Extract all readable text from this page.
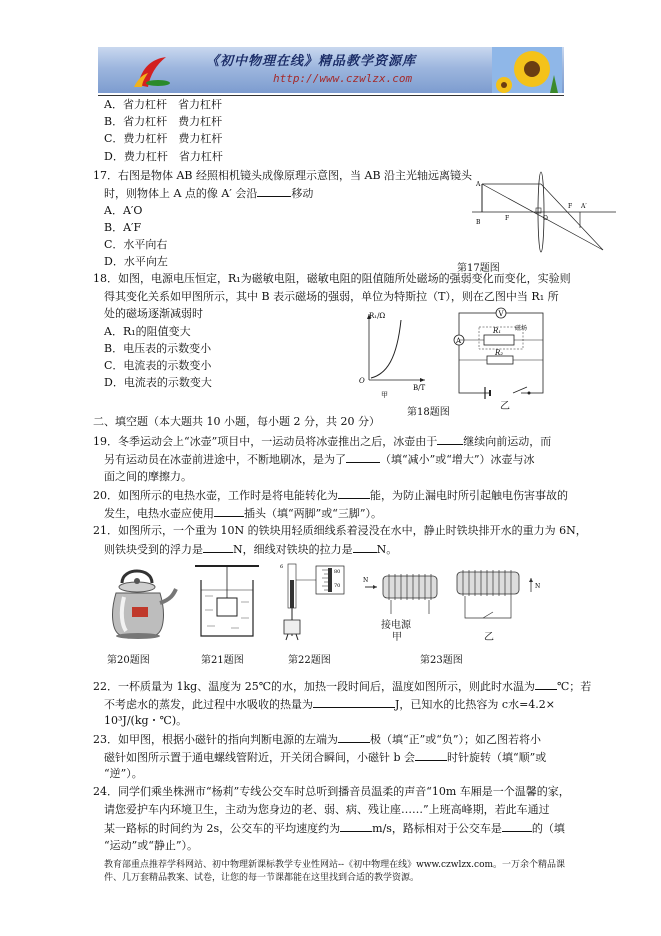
《初中物理在线》精品教学资源库
http://www.czwlzx.com
A．省力杠杆　省力杠杆
B．省力杠杆　费力杠杆
C．费力杠杆　费力杠杆
D．费力杠杆　省力杠杆
17．右图是物体 AB 经照相机镜头成像原理示意图，当 AB 沿主光轴远离镜头
时，则物体上 A 点的像 A′ 会沿	移动
A．A′O
B．A′F
C．水平向右
D．水平向左
A
B
F
F
O
A′
第17题图
18．如图，电源电压恒定，R₁为磁敏电阻，磁敏电阻的阻值随所处磁场的强弱变化而变化，实验则
得其变化关系如甲图所示，其中 B 表示磁场的强弱，单位为特斯拉（T），则在乙图中当 R₁ 所
处的磁场逐渐减弱时
A．R₁的阻值变大
B．电压表的示数变小
C．电流表的示数变小
D．电流表的示数变大
R₁/Ω
O
B/T
甲
V
A
R₁ 磁场
R₂
第18题图
乙
二、填空题（本大题共 10 小题，每小题 2 分，共 20 分）
19．冬季运动会上“冰壶”项目中，一运动员将冰壶推出之后，冰壶由于 继续向前运动，而
另有运动员在冰壶前进途中，不断地刷冰，是为了	（填“减小”或“增大”）冰壶与冰
面之间的摩擦力。
20．如图所示的电热水壶，工作时是将电能转化为	能，为防止漏电时所引起触电伤害事故的
发生，电热水壶应使用	插头（填“两脚”或“三脚”）。
21．如图所示，一个重为 10N 的铁块用轻质细线系着浸没在水中，静止时铁块排开水的重力为 6N，
则铁块受到的浮力是	N，细线对铁块的拉力是 N。
第20题图	第21题图
80
70
6
第22题图
N
N
接电源
甲	乙
第23题图
22．一杯质量为 1kg、温度为 25℃的水，加热一段时间后，温度如图所示，则此时水温为 ℃；若
不考虑水的蒸发，此过程中水吸收的热量为	J，已知水的比热容为 c水=4.2×
10³J/(kg・℃)。
23．如甲图，根据小磁针的指向判断电源的左端为	极（填“正”或“负”）；如乙图若将小
磁针如图所示置于通电螺线管附近，开关闭合瞬间，小磁针 b 会	时针旋转（填“顺”或
“逆”）。
24．同学们乘坐株洲市“杨莉”专线公交车时总听到播音员温柔的声音“10m 车厢是一个温馨的家，
请您爱护车内环境卫生，主动为您身边的老、弱、病、残让座……”上班高峰期，若此车通过
某一路标的时间约为 2s，公交车的平均速度约为	m/s，路标相对于公交车是	的（填
“运动”或“静止”）。
教育部重点推荐学科网站、初中物理新课标教学专业性网站--《初中物理在线》www.czwlzx.com。一万余个精品课
件、几万套精品教案、试卷，让您的每一节课都能在这里找到合适的教学资源。
